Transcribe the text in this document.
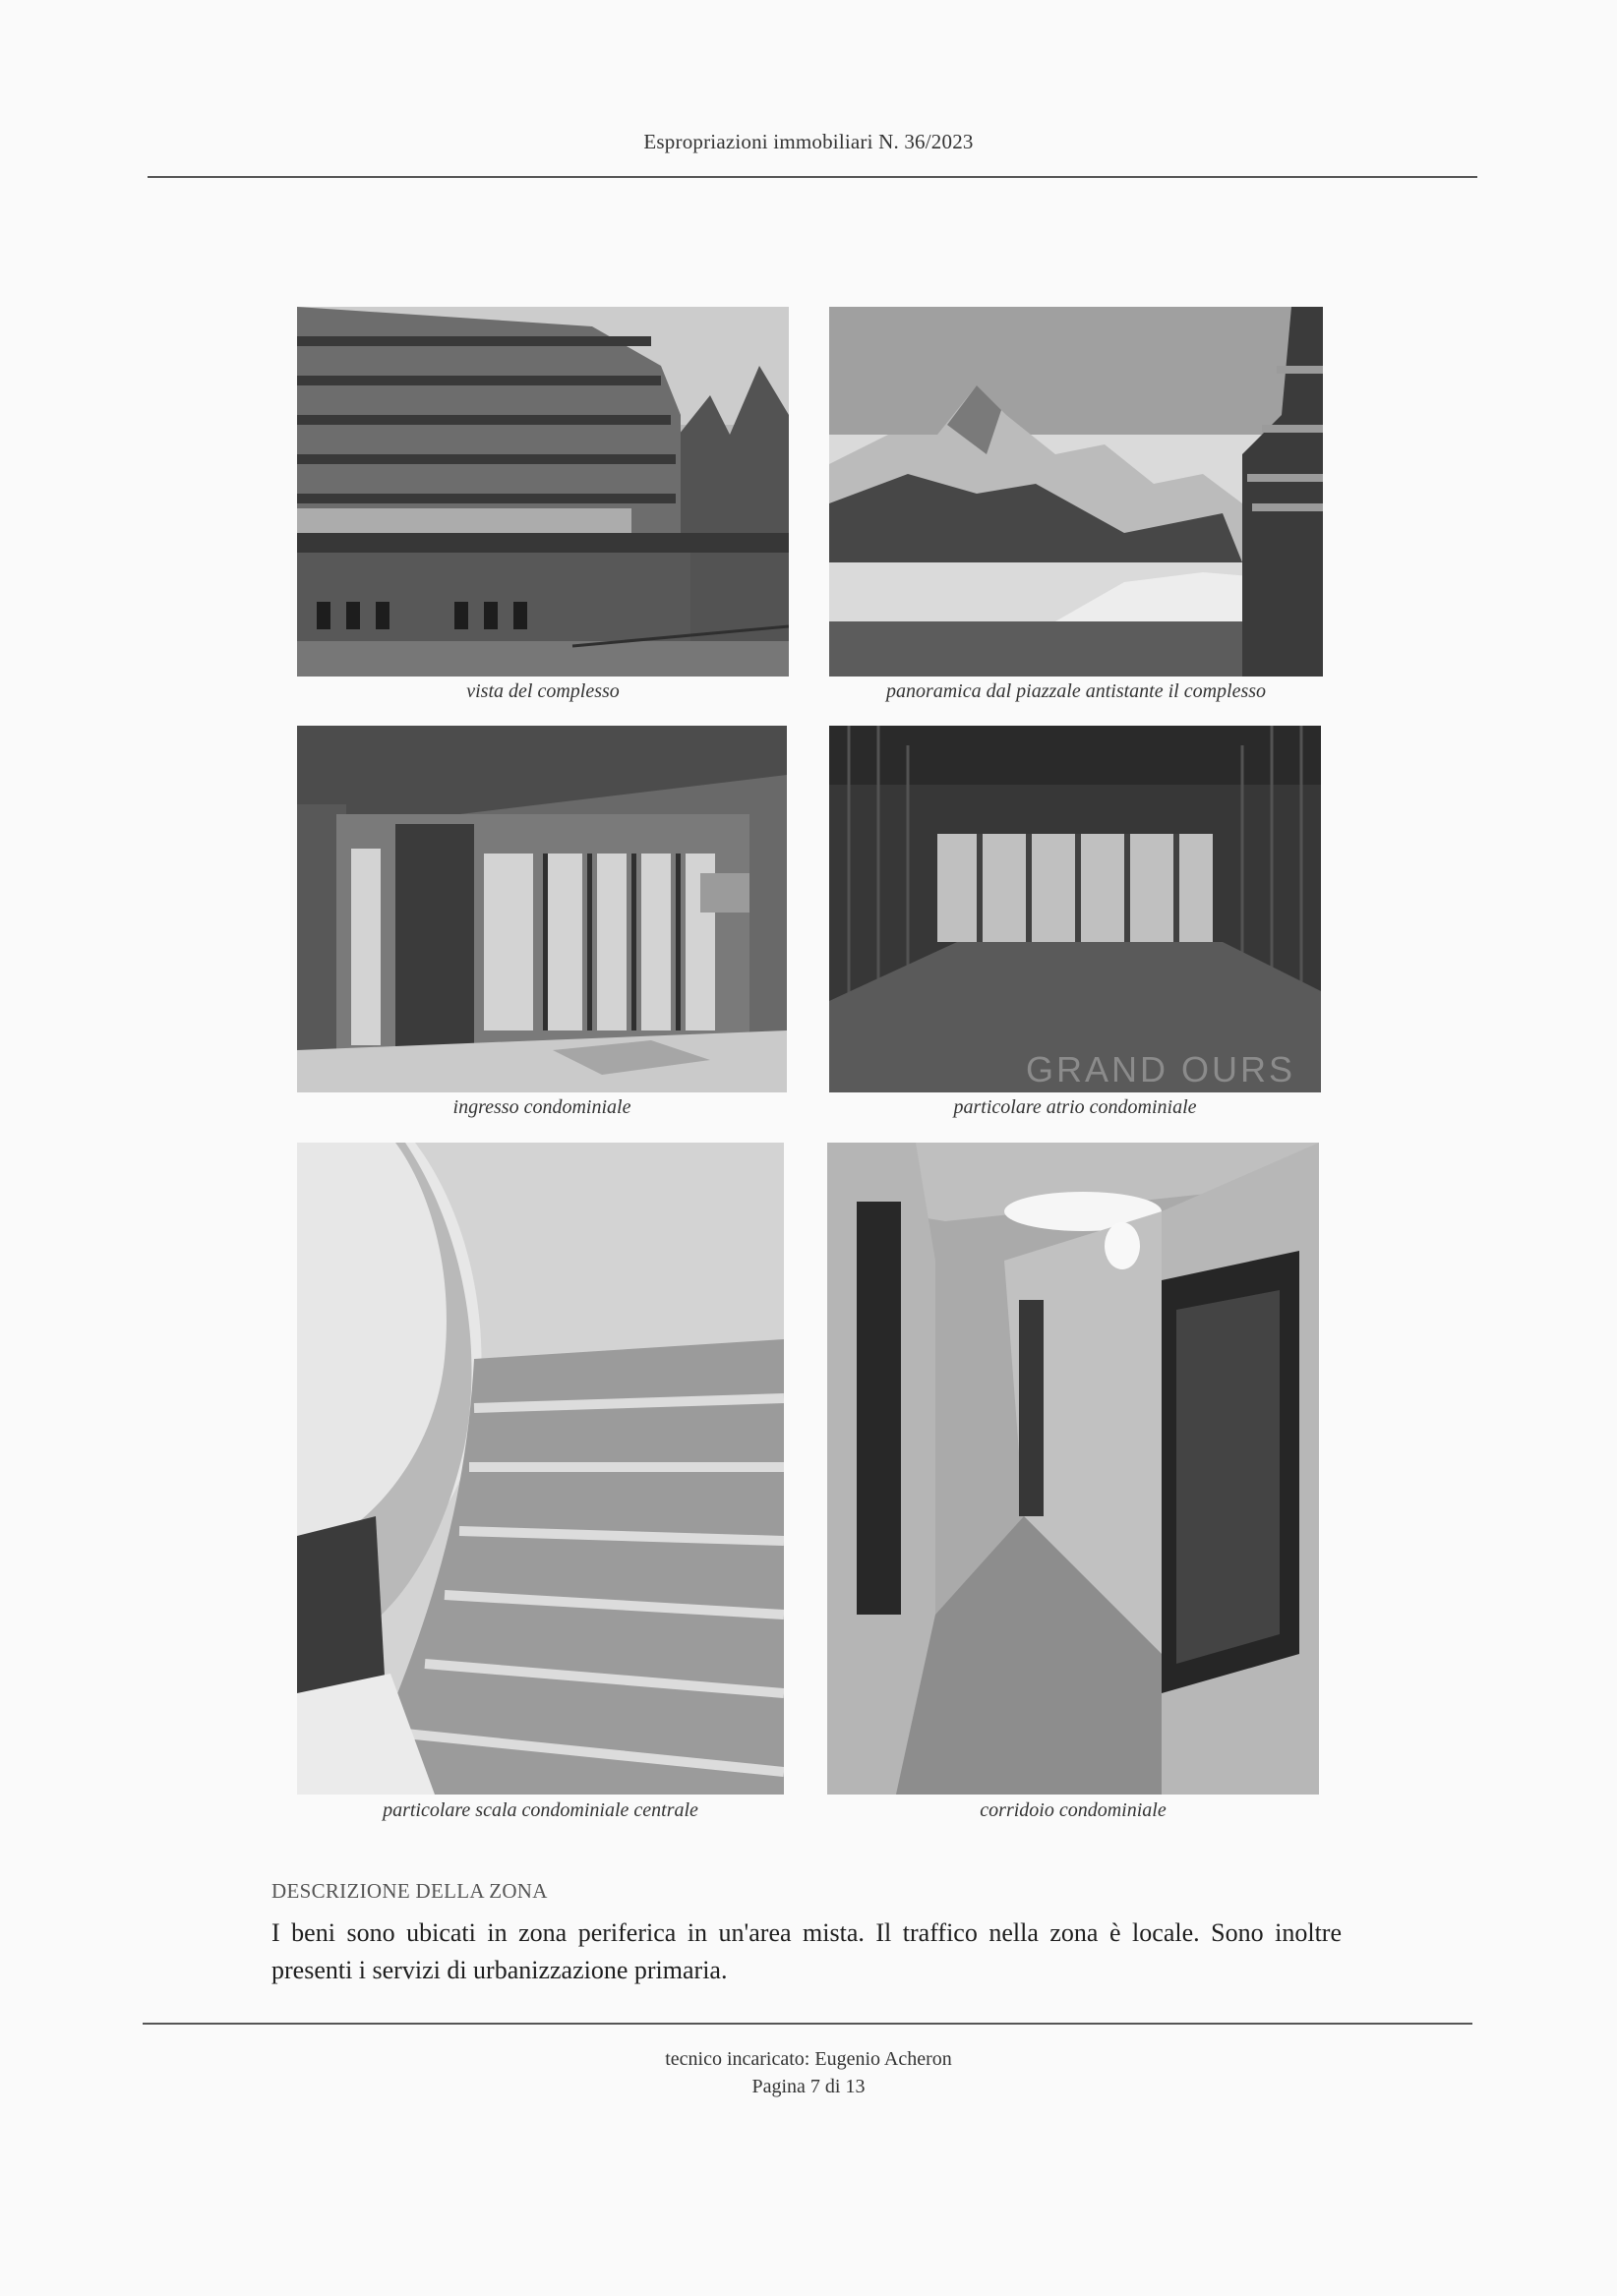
Espropriazioni immobiliari N. 36/2023
vista del complesso	panoramica dal piazzale antistante il complesso
ingresso condominiale
GRAND OURS
particolare atrio condominiale
particolare scala condominiale centrale	corridoio condominiale
DESCRIZIONE DELLA ZONA
I beni sono ubicati in zona periferica in un'area mista. Il traffico nella zona è locale. Sono inoltre presenti i servizi di urbanizzazione primaria.
tecnico incaricato: Eugenio Acheron
Pagina 7 di 13
